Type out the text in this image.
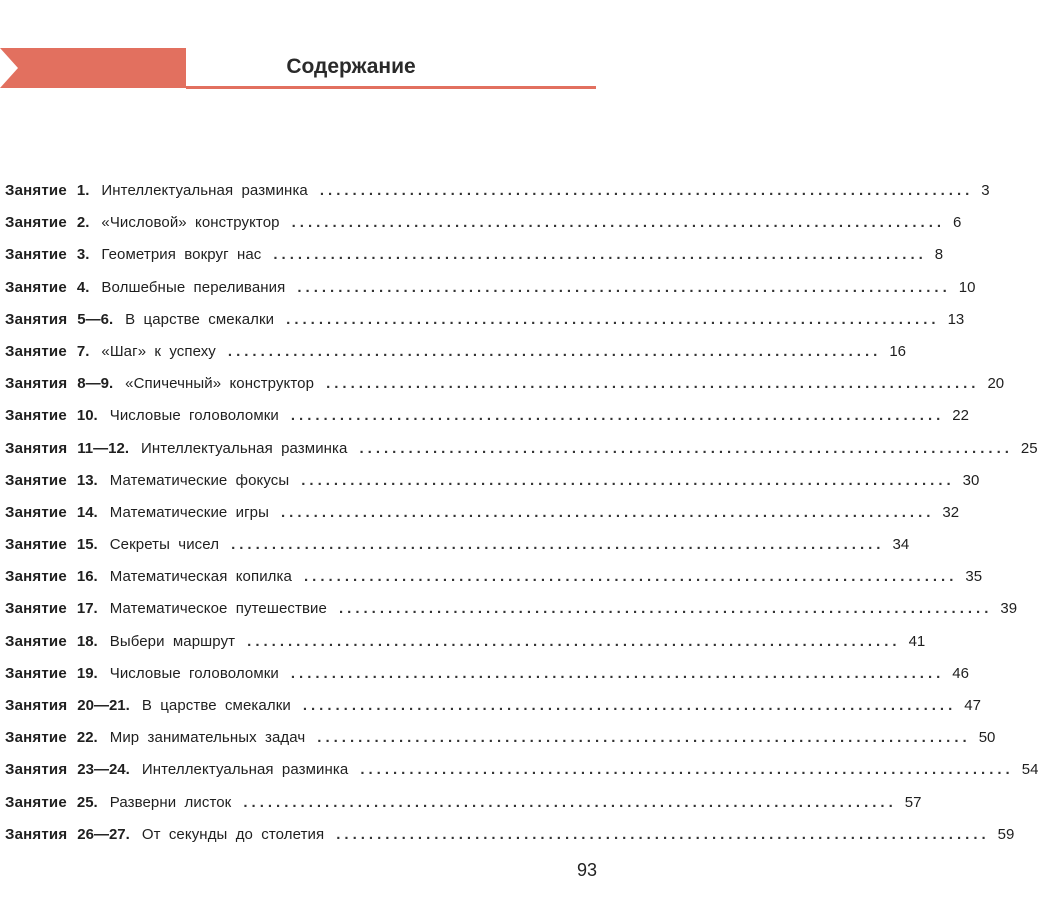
Содержание
Занятие 1. Интеллектуальная разминка ................................................................................ 3
Занятие 2. «Числовой» конструктор ................................................................................ 6
Занятие 3. Геометрия вокруг нас ................................................................................ 8
Занятие 4. Волшебные переливания ................................................................................ 10
Занятия 5—6. В царстве смекалки ................................................................................ 13
Занятие 7. «Шаг» к успеху ................................................................................ 16
Занятия 8—9. «Спичечный» конструктор ................................................................................ 20
Занятие 10. Числовые головоломки ................................................................................ 22
Занятия 11—12. Интеллектуальная разминка ................................................................................ 25
Занятие 13. Математические фокусы ................................................................................ 30
Занятие 14. Математические игры ................................................................................ 32
Занятие 15. Секреты чисел ................................................................................ 34
Занятие 16. Математическая копилка ................................................................................ 35
Занятие 17. Математическое путешествие ................................................................................ 39
Занятие 18. Выбери маршрут ................................................................................ 41
Занятие 19. Числовые головоломки ................................................................................ 46
Занятия 20—21. В царстве смекалки ................................................................................ 47
Занятие 22. Мир занимательных задач ................................................................................ 50
Занятия 23—24. Интеллектуальная разминка ................................................................................ 54
Занятие 25. Разверни листок ................................................................................ 57
Занятия 26—27. От секунды до столетия ................................................................................ 59
93
